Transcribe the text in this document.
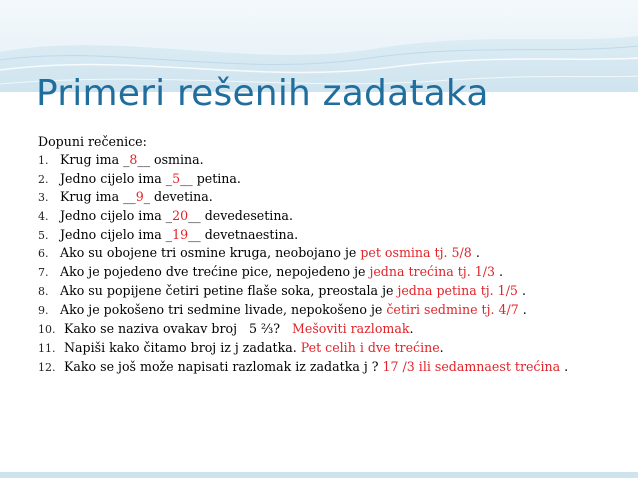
Primeri rešenih zadataka
Dopuni rečenice:
1. Krug ima _8__ osmina.
2. Jedno cijelo ima _5__ petina.
3. Krug ima __9_ devetina.
4. Jedno cijelo ima _20__ devedesetina.
5. Jedno cijelo ima _19__ devetnaestina.
6. Ako su obojene tri osmine kruga, neobojano je pet osmina tj. 5/8 .
7. Ako je pojedeno dve trećine pice, nepojedeno je jedna trećina tj. 1/3 .
8. Ako su popijene četiri petine flaše soka, preostala je jedna petina tj. 1/5 .
9. Ako je pokošeno tri sedmine livade, nepokošeno je četiri sedmine tj. 4/7 .
10. Kako se naziva ovakav broj   5 ⅔?   Mešoviti razlomak.
11. Napiši kako čitamo broj iz j zadatka. Pet celih i dve trećine.
12. Kako se još može napisati razlomak iz zadatka j ? 17 /3 ili sedamnaest trećina .
